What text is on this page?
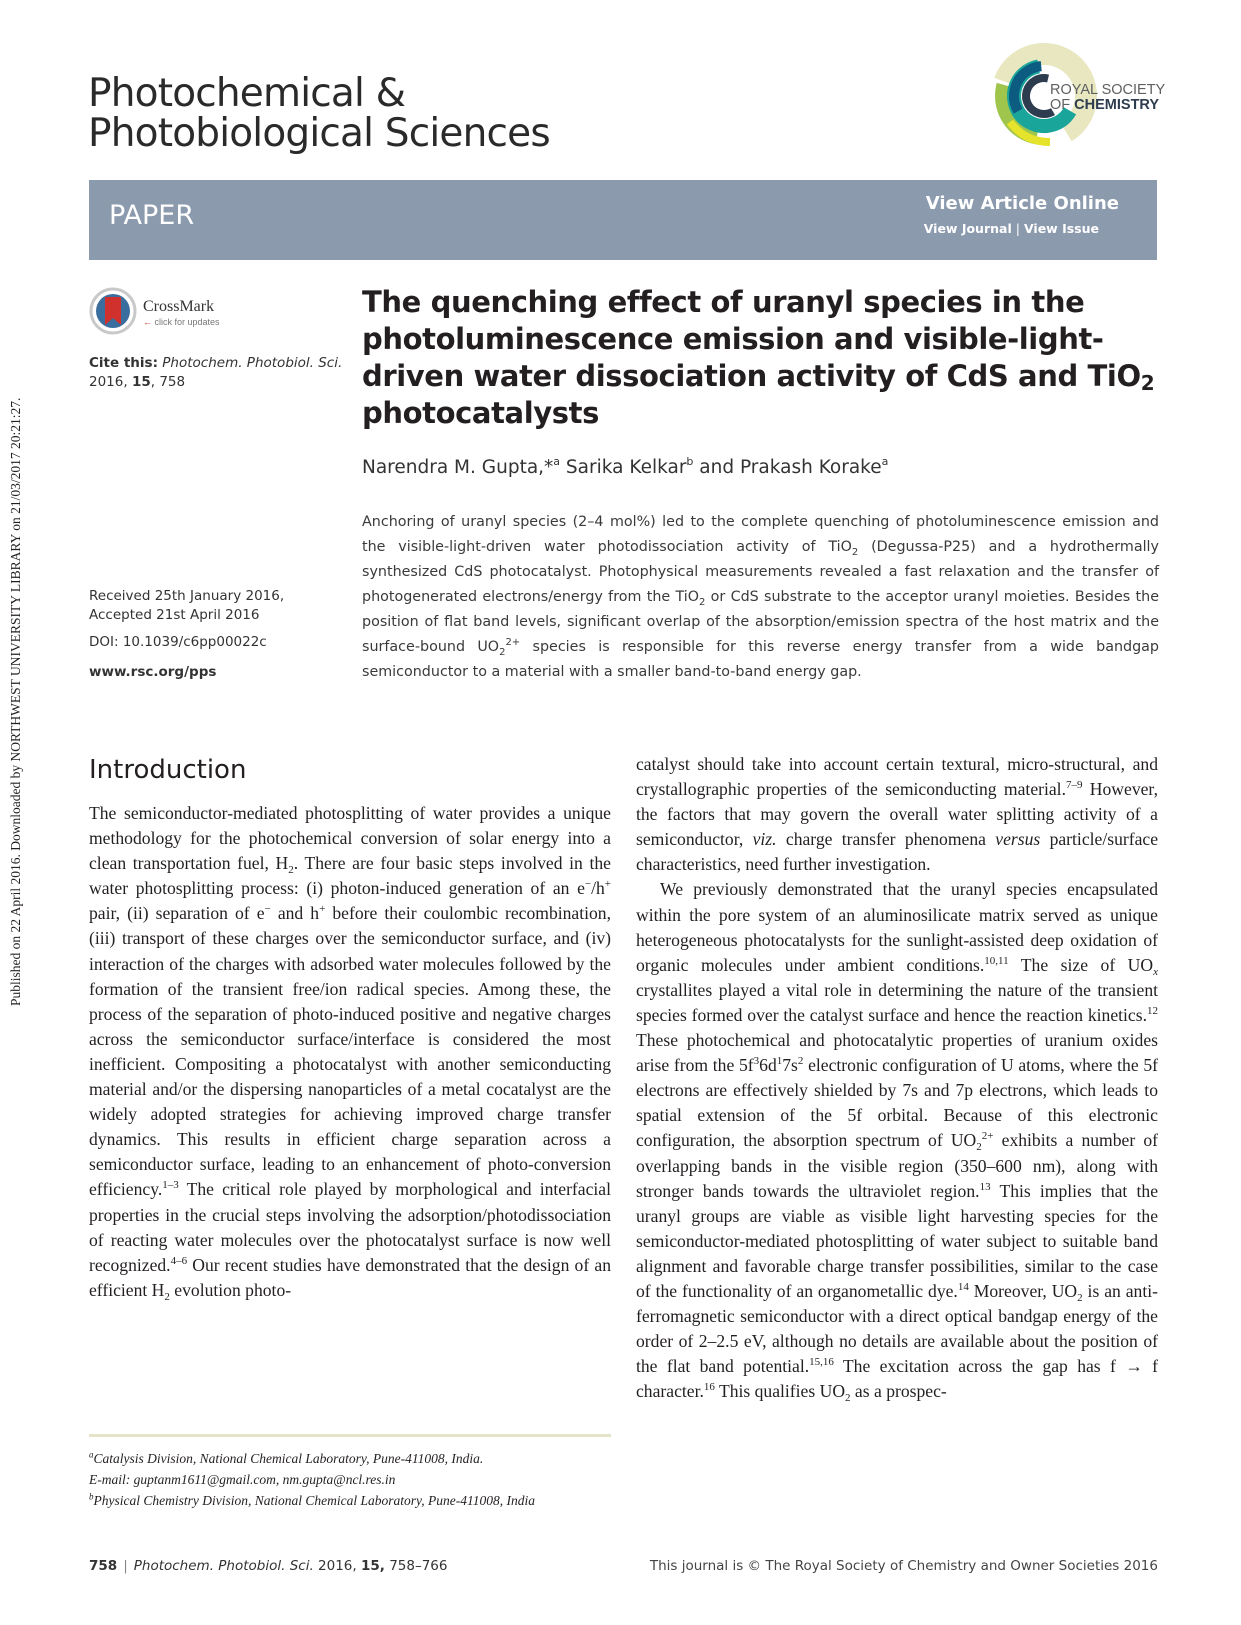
Published on 22 April 2016. Downloaded by NORTHWEST UNIVERSITY LIBRARY on 21/03/2017 20:21:27.
Photochemical &
Photobiological Sciences
ROYAL SOCIETY
OF CHEMISTRY
PAPER	View Article Online
View Journal | View Issue
CrossMark
← click for updates
Cite this: Photochem. Photobiol. Sci.
2016, 15, 758
Received 25th January 2016,
Accepted 21st April 2016
DOI: 10.1039/c6pp00022c
www.rsc.org/pps
The quenching effect of uranyl species in the photoluminescence emission and visible-light-driven water dissociation activity of CdS and TiO$_2$ photocatalysts
Narendra M. Gupta,*$^a$ Sarika Kelkar$^b$ and Prakash Korake$^a$
Anchoring of uranyl species (2–4 mol%) led to the complete quenching of photoluminescence emission and the visible-light-driven water photodissociation activity of TiO$_2$ (Degussa-P25) and a hydrothermally synthesized CdS photocatalyst. Photophysical measurements revealed a fast relaxation and the transfer of photogenerated electrons/energy from the TiO$_2$ or CdS substrate to the acceptor uranyl moieties. Besides the position of flat band levels, significant overlap of the absorption/emission spectra of the host matrix and the surface-bound $UO_2^{2+}$ species is responsible for this reverse energy transfer from a wide bandgap semiconductor to a material with a smaller band-to-band energy gap.
Introduction

The semiconductor-mediated photosplitting of water provides a unique methodology for the photochemical conversion of solar energy into a clean transportation fuel, $H_2$. There are four basic steps involved in the water photosplitting process: (i) photon-induced generation of an e−/h+ pair, (ii) separation of e− and h+ before their coulombic recombination, (iii) transport of these charges over the semiconductor surface, and (iv) interaction of the charges with adsorbed water molecules followed by the formation of the transient free/ion radical species. Among these, the process of the separation of photo-induced positive and negative charges across the semiconductor surface/interface is considered the most inefficient. Compositing a photocatalyst with another semiconducting material and/or the dispersing nanoparticles of a metal cocatalyst are the widely adopted strategies for achieving improved charge transfer dynamics. This results in efficient charge separation across a semiconductor surface, leading to an enhancement of photo-conversion efficiency.$^{1-3}$ The critical role played by morphological and interfacial properties in the crucial steps involving the adsorption/photodissociation of reacting water molecules over the photocatalyst surface is now well recognized.$^{4-6}$ Our recent studies have demonstrated that the design of an efficient $H_2$ evolution photo-

catalyst should take into account certain textural, micro-structural, and crystallographic properties of the semiconducting material.$^{7-9}$ However, the factors that may govern the overall water splitting activity of a semiconductor, viz. charge transfer phenomena versus particle/surface characteristics, need further investigation.

We previously demonstrated that the uranyl species encapsulated within the pore system of an aluminosilicate matrix served as unique heterogeneous photocatalysts for the sunlight-assisted deep oxidation of organic molecules under ambient conditions.$^{10,11}$ The size of $UO_x$ crystallites played a vital role in determining the nature of the transient species formed over the catalyst surface and hence the reaction kinetics.$^{12}$ These photochemical and photocatalytic properties of uranium oxides arise from the $5f^36d^17s^2$ electronic configuration of U atoms, where the 5f electrons are effectively shielded by 7s and 7p electrons, which leads to spatial extension of the 5f orbital. Because of this electronic configuration, the absorption spectrum of $UO_2^{2+}$ exhibits a number of overlapping bands in the visible region (350–600 nm), along with stronger bands towards the ultraviolet region.$^{13}$ This implies that the uranyl groups are viable as visible light harvesting species for the semiconductor-mediated photosplitting of water subject to suitable band alignment and favorable charge transfer possibilities, similar to the case of the functionality of an organometallic dye.$^{14}$ Moreover, $UO_2$ is an anti-ferromagnetic semiconductor with a direct optical bandgap energy of the order of 2–2.5 eV, although no details are available about the position of the flat band potential.$^{15,16}$ The excitation across the gap has f → f character.$^{16}$ This qualifies $UO_2$ as a prospec-

$^a$Catalysis Division, National Chemical Laboratory, Pune-411008, India.
E-mail: guptanm1611@gmail.com, nm.gupta@ncl.res.in
$^b$Physical Chemistry Division, National Chemical Laboratory, Pune-411008, India
758 | Photochem. Photobiol. Sci. 2016, 15, 758–766	This journal is © The Royal Society of Chemistry and Owner Societies 2016
